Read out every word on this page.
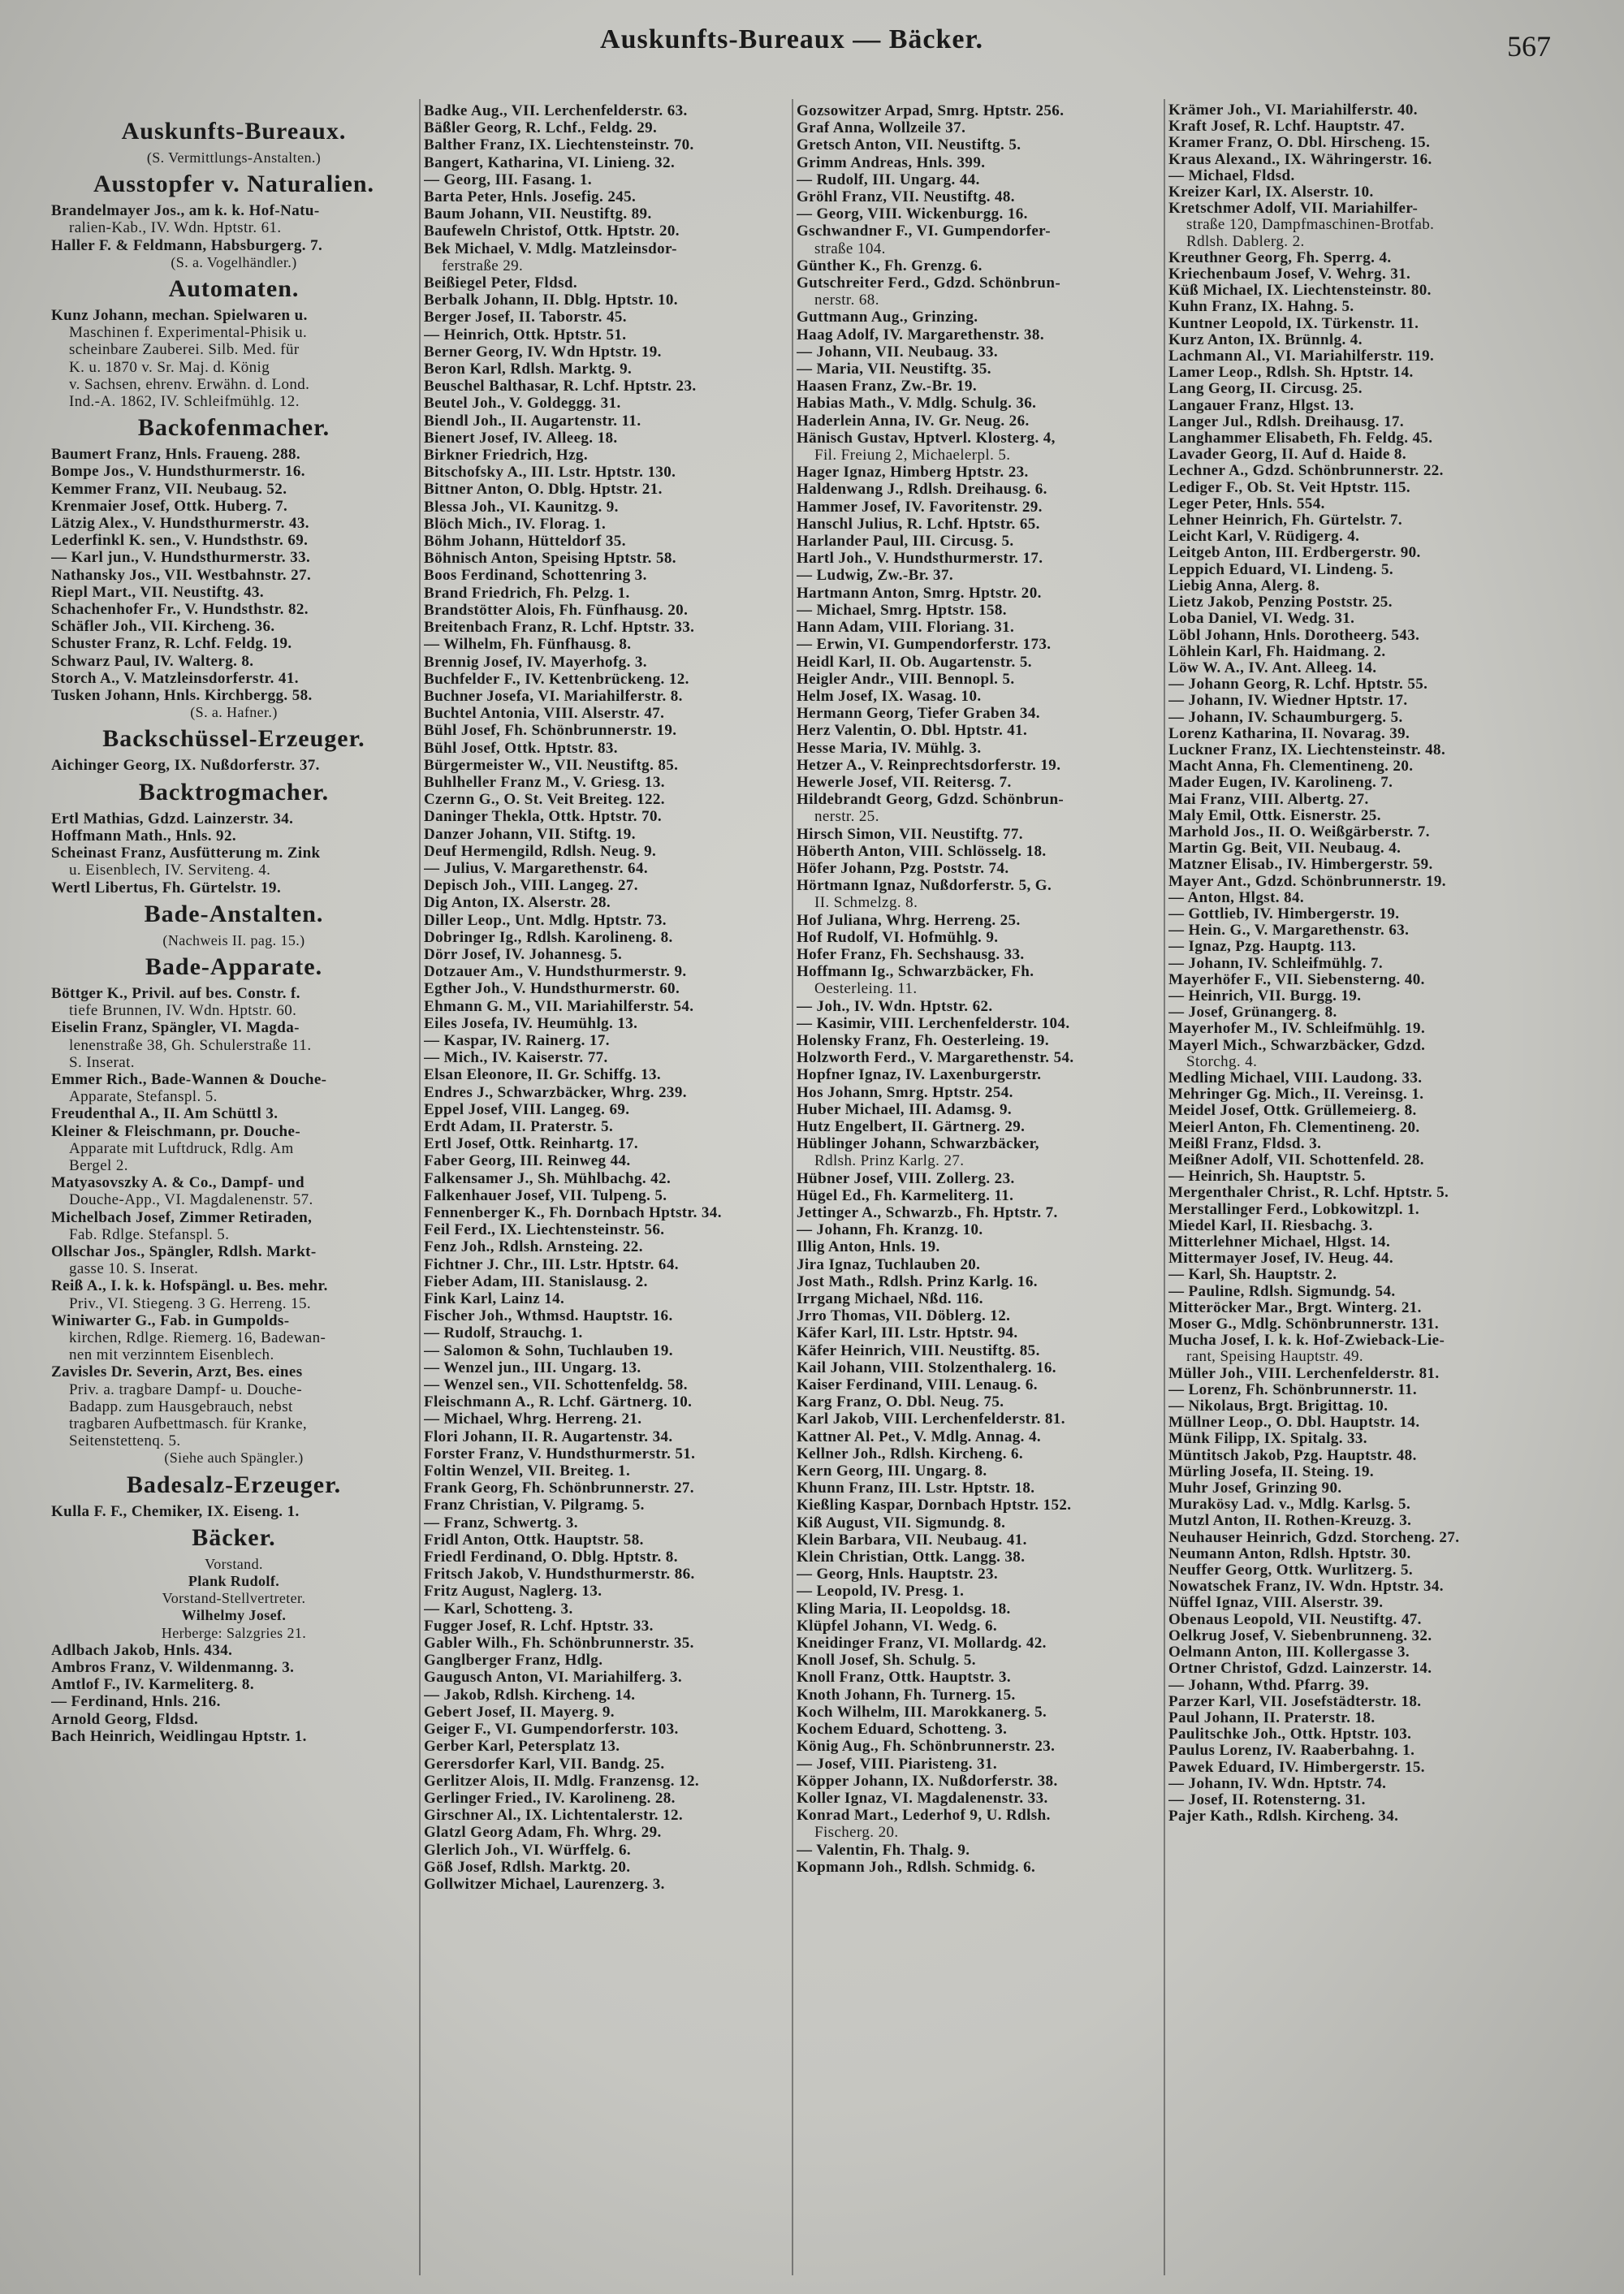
Auskunfts-Bureaux — Bäcker.	567
Auskunfts-Bureaux.
(S. Vermittlungs-Anstalten.)
Ausstopfer v. Naturalien.
Brandelmayer Jos., am k. k. Hof-Natu-
ralien-Kab., IV. Wdn. Hptstr. 61.
Haller F. & Feldmann, Habsburgerg. 7.
(S. a. Vogelhändler.)
Automaten.
Kunz Johann, mechan. Spielwaren u.
Maschinen f. Experimental-Phisik u.
scheinbare Zauberei. Silb. Med. für
K. u. 1870 v. Sr. Maj. d. König
v. Sachsen, ehrenv. Erwähn. d. Lond.
Ind.-A. 1862, IV. Schleifmühlg. 12.
Backofenmacher.
Baumert Franz, Hnls. Fraueng. 288.
Bompe Jos., V. Hundsthurmerstr. 16.
Kemmer Franz, VII. Neubaug. 52.
Krenmaier Josef, Ottk. Huberg. 7.
Lätzig Alex., V. Hundsthurmerstr. 43.
Lederfinkl K. sen., V. Hundsthstr. 69.
— Karl jun., V. Hundsthurmerstr. 33.
Nathansky Jos., VII. Westbahnstr. 27.
Riepl Mart., VII. Neustiftg. 43.
Schachenhofer Fr., V. Hundsthstr. 82.
Schäfler Joh., VII. Kircheng. 36.
Schuster Franz, R. Lchf. Feldg. 19.
Schwarz Paul, IV. Walterg. 8.
Storch A., V. Matzleinsdorferstr. 41.
Tusken Johann, Hnls. Kirchbergg. 58.
(S. a. Hafner.)
Backschüssel-Erzeuger.
Aichinger Georg, IX. Nußdorferstr. 37.
Backtrogmacher.
Ertl Mathias, Gdzd. Lainzerstr. 34.
Hoffmann Math., Hnls. 92.
Scheinast Franz, Ausfütterung m. Zink
u. Eisenblech, IV. Serviteng. 4.
Wertl Libertus, Fh. Gürtelstr. 19.
Bade-Anstalten.
(Nachweis II. pag. 15.)
Bade-Apparate.
Böttger K., Privil. auf bes. Constr. f.
tiefe Brunnen, IV. Wdn. Hptstr. 60.
Eiselin Franz, Spängler, VI. Magda-
lenenstraße 38, Gh. Schulerstraße 11.
S. Inserat.
Emmer Rich., Bade-Wannen & Douche-
Apparate, Stefanspl. 5.
Freudenthal A., II. Am Schüttl 3.
Kleiner & Fleischmann, pr. Douche-
Apparate mit Luftdruck, Rdlg. Am
Bergel 2.
Matyasovszky A. & Co., Dampf- und
Douche-App., VI. Magdalenenstr. 57.
Michelbach Josef, Zimmer Retiraden,
Fab. Rdlge. Stefanspl. 5.
Ollschar Jos., Spängler, Rdlsh. Markt-
gasse 10. S. Inserat.
Reiß A., I. k. k. Hofspängl. u. Bes. mehr.
Priv., VI. Stiegeng. 3 G. Herreng. 15.
Winiwarter G., Fab. in Gumpolds-
kirchen, Rdlge. Riemerg. 16, Badewan-
nen mit verzinntem Eisenblech.
Zavisles Dr. Severin, Arzt, Bes. eines
Priv. a. tragbare Dampf- u. Douche-
Badapp. zum Hausgebrauch, nebst
tragbaren Aufbettmasch. für Kranke,
Seitenstettenq. 5.
(Siehe auch Spängler.)
Badesalz-Erzeuger.
Kulla F. F., Chemiker, IX. Eiseng. 1.
Bäcker.
Vorstand.
Plank Rudolf.
Vorstand-Stellvertreter.
Wilhelmy Josef.
Herberge: Salzgries 21.
Adlbach Jakob, Hnls. 434.
Ambros Franz, V. Wildenmanng. 3.
Amtlof F., IV. Karmeliterg. 8.
— Ferdinand, Hnls. 216.
Arnold Georg, Fldsd.
Bach Heinrich, Weidlingau Hptstr. 1.
Badke Aug., VII. Lerchenfelderstr. 63.
Bäßler Georg, R. Lchf., Feldg. 29.
Balther Franz, IX. Liechtensteinstr. 70.
Bangert, Katharina, VI. Linieng. 32.
— Georg, III. Fasang. 1.
Barta Peter, Hnls. Josefig. 245.
Baum Johann, VII. Neustiftg. 89.
Baufeweln Christof, Ottk. Hptstr. 20.
Bek Michael, V. Mdlg. Matzleinsdor-
ferstraße 29.
Beißiegel Peter, Fldsd.
Berbalk Johann, II. Dblg. Hptstr. 10.
Berger Josef, II. Taborstr. 45.
— Heinrich, Ottk. Hptstr. 51.
Berner Georg, IV. Wdn Hptstr. 19.
Beron Karl, Rdlsh. Marktg. 9.
Beuschel Balthasar, R. Lchf. Hptstr. 23.
Beutel Joh., V. Goldeggg. 31.
Biendl Joh., II. Augartenstr. 11.
Bienert Josef, IV. Alleeg. 18.
Birkner Friedrich, Hzg.
Bitschofsky A., III. Lstr. Hptstr. 130.
Bittner Anton, O. Dblg. Hptstr. 21.
Blessa Joh., VI. Kaunitzg. 9.
Blöch Mich., IV. Florag. 1.
Böhm Johann, Hütteldorf 35.
Böhnisch Anton, Speising Hptstr. 58.
Boos Ferdinand, Schottenring 3.
Brand Friedrich, Fh. Pelzg. 1.
Brandstötter Alois, Fh. Fünfhausg. 20.
Breitenbach Franz, R. Lchf. Hptstr. 33.
— Wilhelm, Fh. Fünfhausg. 8.
Brennig Josef, IV. Mayerhofg. 3.
Buchfelder F., IV. Kettenbrückeng. 12.
Buchner Josefa, VI. Mariahilferstr. 8.
Buchtel Antonia, VIII. Alserstr. 47.
Bühl Josef, Fh. Schönbrunnerstr. 19.
Bühl Josef, Ottk. Hptstr. 83.
Bürgermeister W., VII. Neustiftg. 85.
Buhlheller Franz M., V. Griesg. 13.
Czernn G., O. St. Veit Breiteg. 122.
Daninger Thekla, Ottk. Hptstr. 70.
Danzer Johann, VII. Stiftg. 19.
Deuf Hermengild, Rdlsh. Neug. 9.
— Julius, V. Margarethenstr. 64.
Depisch Joh., VIII. Langeg. 27.
Dig Anton, IX. Alserstr. 28.
Diller Leop., Unt. Mdlg. Hptstr. 73.
Dobringer Ig., Rdlsh. Karolineng. 8.
Dörr Josef, IV. Johannesg. 5.
Dotzauer Am., V. Hundsthurmerstr. 9.
Egther Joh., V. Hundsthurmerstr. 60.
Ehmann G. M., VII. Mariahilferstr. 54.
Eiles Josefa, IV. Heumühlg. 13.
— Kaspar, IV. Rainerg. 17.
— Mich., IV. Kaiserstr. 77.
Elsan Eleonore, II. Gr. Schiffg. 13.
Endres J., Schwarzbäcker, Whrg. 239.
Eppel Josef, VIII. Langeg. 69.
Erdt Adam, II. Praterstr. 5.
Ertl Josef, Ottk. Reinhartg. 17.
Faber Georg, III. Reinweg 44.
Falkensamer J., Sh. Mühlbachg. 42.
Falkenhauer Josef, VII. Tulpeng. 5.
Fennenberger K., Fh. Dornbach Hptstr. 34.
Feil Ferd., IX. Liechtensteinstr. 56.
Fenz Joh., Rdlsh. Arnsteing. 22.
Fichtner J. Chr., III. Lstr. Hptstr. 64.
Fieber Adam, III. Stanislausg. 2.
Fink Karl, Lainz 14.
Fischer Joh., Wthmsd. Hauptstr. 16.
— Rudolf, Strauchg. 1.
— Salomon & Sohn, Tuchlauben 19.
— Wenzel jun., III. Ungarg. 13.
— Wenzel sen., VII. Schottenfeldg. 58.
Fleischmann A., R. Lchf. Gärtnerg. 10.
— Michael, Whrg. Herreng. 21.
Flori Johann, II. R. Augartenstr. 34.
Forster Franz, V. Hundsthurmerstr. 51.
Foltin Wenzel, VII. Breiteg. 1.
Frank Georg, Fh. Schönbrunnerstr. 27.
Franz Christian, V. Pilgramg. 5.
— Franz, Schwertg. 3.
Fridl Anton, Ottk. Hauptstr. 58.
Friedl Ferdinand, O. Dblg. Hptstr. 8.
Fritsch Jakob, V. Hundsthurmerstr. 86.
Fritz August, Naglerg. 13.
— Karl, Schotteng. 3.
Fugger Josef, R. Lchf. Hptstr. 33.
Gabler Wilh., Fh. Schönbrunnerstr. 35.
Ganglberger Franz, Hdlg.
Gaugusch Anton, VI. Mariahilferg. 3.
— Jakob, Rdlsh. Kircheng. 14.
Gebert Josef, II. Mayerg. 9.
Geiger F., VI. Gumpendorferstr. 103.
Gerber Karl, Petersplatz 13.
Gerersdorfer Karl, VII. Bandg. 25.
Gerlitzer Alois, II. Mdlg. Franzensg. 12.
Gerlinger Fried., IV. Karolineng. 28.
Girschner Al., IX. Lichtentalerstr. 12.
Glatzl Georg Adam, Fh. Whrg. 29.
Glerlich Joh., VI. Würffelg. 6.
Göß Josef, Rdlsh. Marktg. 20.
Gollwitzer Michael, Laurenzerg. 3.
Gozsowitzer Arpad, Smrg. Hptstr. 256.
Graf Anna, Wollzeile 37.
Gretsch Anton, VII. Neustiftg. 5.
Grimm Andreas, Hnls. 399.
— Rudolf, III. Ungarg. 44.
Gröhl Franz, VII. Neustiftg. 48.
— Georg, VIII. Wickenburgg. 16.
Gschwandner F., VI. Gumpendorfer-
straße 104.
Günther K., Fh. Grenzg. 6.
Gutschreiter Ferd., Gdzd. Schönbrun-
nerstr. 68.
Guttmann Aug., Grinzing.
Haag Adolf, IV. Margarethenstr. 38.
— Johann, VII. Neubaug. 33.
— Maria, VII. Neustiftg. 35.
Haasen Franz, Zw.-Br. 19.
Habias Math., V. Mdlg. Schulg. 36.
Haderlein Anna, IV. Gr. Neug. 26.
Hänisch Gustav, Hptverl. Klosterg. 4,
Fil. Freiung 2, Michaelerpl. 5.
Hager Ignaz, Himberg Hptstr. 23.
Haldenwang J., Rdlsh. Dreihausg. 6.
Hammer Josef, IV. Favoritenstr. 29.
Hanschl Julius, R. Lchf. Hptstr. 65.
Harlander Paul, III. Circusg. 5.
Hartl Joh., V. Hundsthurmerstr. 17.
— Ludwig, Zw.-Br. 37.
Hartmann Anton, Smrg. Hptstr. 20.
— Michael, Smrg. Hptstr. 158.
Hann Adam, VIII. Floriang. 31.
— Erwin, VI. Gumpendorferstr. 173.
Heidl Karl, II. Ob. Augartenstr. 5.
Heigler Andr., VIII. Bennopl. 5.
Helm Josef, IX. Wasag. 10.
Hermann Georg, Tiefer Graben 34.
Herz Valentin, O. Dbl. Hptstr. 41.
Hesse Maria, IV. Mühlg. 3.
Hetzer A., V. Reinprechtsdorferstr. 19.
Hewerle Josef, VII. Reitersg. 7.
Hildebrandt Georg, Gdzd. Schönbrun-
nerstr. 25.
Hirsch Simon, VII. Neustiftg. 77.
Höberth Anton, VIII. Schlösselg. 18.
Höfer Johann, Pzg. Poststr. 74.
Hörtmann Ignaz, Nußdorferstr. 5, G.
II. Schmelzg. 8.
Hof Juliana, Whrg. Herreng. 25.
Hof Rudolf, VI. Hofmühlg. 9.
Hofer Franz, Fh. Sechshausg. 33.
Hoffmann Ig., Schwarzbäcker, Fh.
Oesterleing. 11.
— Joh., IV. Wdn. Hptstr. 62.
— Kasimir, VIII. Lerchenfelderstr. 104.
Holensky Franz, Fh. Oesterleing. 19.
Holzworth Ferd., V. Margarethenstr. 54.
Hopfner Ignaz, IV. Laxenburgerstr.
Hos Johann, Smrg. Hptstr. 254.
Huber Michael, III. Adamsg. 9.
Hutz Engelbert, II. Gärtnerg. 29.
Hüblinger Johann, Schwarzbäcker,
Rdlsh. Prinz Karlg. 27.
Hübner Josef, VIII. Zollerg. 23.
Hügel Ed., Fh. Karmeliterg. 11.
Jettinger A., Schwarzb., Fh. Hptstr. 7.
— Johann, Fh. Kranzg. 10.
Illig Anton, Hnls. 19.
Jira Ignaz, Tuchlauben 20.
Jost Math., Rdlsh. Prinz Karlg. 16.
Irrgang Michael, Nßd. 116.
Jrro Thomas, VII. Döblerg. 12.
Käfer Karl, III. Lstr. Hptstr. 94.
Käfer Heinrich, VIII. Neustiftg. 85.
Kail Johann, VIII. Stolzenthalerg. 16.
Kaiser Ferdinand, VIII. Lenaug. 6.
Karg Franz, O. Dbl. Neug. 75.
Karl Jakob, VIII. Lerchenfelderstr. 81.
Kattner Al. Pet., V. Mdlg. Annag. 4.
Kellner Joh., Rdlsh. Kircheng. 6.
Kern Georg, III. Ungarg. 8.
Khunn Franz, III. Lstr. Hptstr. 18.
Kießling Kaspar, Dornbach Hptstr. 152.
Kiß August, VII. Sigmundg. 8.
Klein Barbara, VII. Neubaug. 41.
Klein Christian, Ottk. Langg. 38.
— Georg, Hnls. Hauptstr. 23.
— Leopold, IV. Presg. 1.
Kling Maria, II. Leopoldsg. 18.
Klüpfel Johann, VI. Wedg. 6.
Kneidinger Franz, VI. Mollardg. 42.
Knoll Josef, Sh. Schulg. 5.
Knoll Franz, Ottk. Hauptstr. 3.
Knoth Johann, Fh. Turnerg. 15.
Koch Wilhelm, III. Marokkanerg. 5.
Kochem Eduard, Schotteng. 3.
König Aug., Fh. Schönbrunnerstr. 23.
— Josef, VIII. Piaristeng. 31.
Köpper Johann, IX. Nußdorferstr. 38.
Koller Ignaz, VI. Magdalenenstr. 33.
Konrad Mart., Lederhof 9, U. Rdlsh.
Fischerg. 20.
— Valentin, Fh. Thalg. 9.
Kopmann Joh., Rdlsh. Schmidg. 6.
Krämer Joh., VI. Mariahilferstr. 40.
Kraft Josef, R. Lchf. Hauptstr. 47.
Kramer Franz, O. Dbl. Hirscheng. 15.
Kraus Alexand., IX. Währingerstr. 16.
— Michael, Fldsd.
Kreizer Karl, IX. Alserstr. 10.
Kretschmer Adolf, VII. Mariahilfer-
straße 120, Dampfmaschinen-Brotfab.
Rdlsh. Dablerg. 2.
Kreuthner Georg, Fh. Sperrg. 4.
Kriechenbaum Josef, V. Wehrg. 31.
Küß Michael, IX. Liechtensteinstr. 80.
Kuhn Franz, IX. Hahng. 5.
Kuntner Leopold, IX. Türkenstr. 11.
Kurz Anton, IX. Brünnlg. 4.
Lachmann Al., VI. Mariahilferstr. 119.
Lamer Leop., Rdlsh. Sh. Hptstr. 14.
Lang Georg, II. Circusg. 25.
Langauer Franz, Hlgst. 13.
Langer Jul., Rdlsh. Dreihausg. 17.
Langhammer Elisabeth, Fh. Feldg. 45.
Lavader Georg, II. Auf d. Haide 8.
Lechner A., Gdzd. Schönbrunnerstr. 22.
Lediger F., Ob. St. Veit Hptstr. 115.
Leger Peter, Hnls. 554.
Lehner Heinrich, Fh. Gürtelstr. 7.
Leicht Karl, V. Rüdigerg. 4.
Leitgeb Anton, III. Erdbergerstr. 90.
Leppich Eduard, VI. Lindeng. 5.
Liebig Anna, Alerg. 8.
Lietz Jakob, Penzing Poststr. 25.
Loba Daniel, VI. Wedg. 31.
Löbl Johann, Hnls. Dorotheerg. 543.
Löhlein Karl, Fh. Haidmang. 2.
Löw W. A., IV. Ant. Alleeg. 14.
— Johann Georg, R. Lchf. Hptstr. 55.
— Johann, IV. Wiedner Hptstr. 17.
— Johann, IV. Schaumburgerg. 5.
Lorenz Katharina, II. Novarag. 39.
Luckner Franz, IX. Liechtensteinstr. 48.
Macht Anna, Fh. Clementineng. 20.
Mader Eugen, IV. Karolineng. 7.
Mai Franz, VIII. Albertg. 27.
Maly Emil, Ottk. Eisnerstr. 25.
Marhold Jos., II. O. Weißgärberstr. 7.
Martin Gg. Beit, VII. Neubaug. 4.
Matzner Elisab., IV. Himbergerstr. 59.
Mayer Ant., Gdzd. Schönbrunnerstr. 19.
— Anton, Hlgst. 84.
— Gottlieb, IV. Himbergerstr. 19.
— Hein. G., V. Margarethenstr. 63.
— Ignaz, Pzg. Hauptg. 113.
— Johann, IV. Schleifmühlg. 7.
Mayerhöfer F., VII. Siebensterng. 40.
— Heinrich, VII. Burgg. 19.
— Josef, Grünangerg. 8.
Mayerhofer M., IV. Schleifmühlg. 19.
Mayerl Mich., Schwarzbäcker, Gdzd.
Storchg. 4.
Medling Michael, VIII. Laudong. 33.
Mehringer Gg. Mich., II. Vereinsg. 1.
Meidel Josef, Ottk. Grüllemeierg. 8.
Meierl Anton, Fh. Clementineng. 20.
Meißl Franz, Fldsd. 3.
Meißner Adolf, VII. Schottenfeld. 28.
— Heinrich, Sh. Hauptstr. 5.
Mergenthaler Christ., R. Lchf. Hptstr. 5.
Merstallinger Ferd., Lobkowitzpl. 1.
Miedel Karl, II. Riesbachg. 3.
Mitterlehner Michael, Hlgst. 14.
Mittermayer Josef, IV. Heug. 44.
— Karl, Sh. Hauptstr. 2.
— Pauline, Rdlsh. Sigmundg. 54.
Mitteröcker Mar., Brgt. Winterg. 21.
Moser G., Mdlg. Schönbrunnerstr. 131.
Mucha Josef, I. k. k. Hof-Zwieback-Lie-
rant, Speising Hauptstr. 49.
Müller Joh., VIII. Lerchenfelderstr. 81.
— Lorenz, Fh. Schönbrunnerstr. 11.
— Nikolaus, Brgt. Brigittag. 10.
Müllner Leop., O. Dbl. Hauptstr. 14.
Münk Filipp, IX. Spitalg. 33.
Müntitsch Jakob, Pzg. Hauptstr. 48.
Mürling Josefa, II. Steing. 19.
Muhr Josef, Grinzing 90.
Murakösy Lad. v., Mdlg. Karlsg. 5.
Mutzl Anton, II. Rothen-Kreuzg. 3.
Neuhauser Heinrich, Gdzd. Storcheng. 27.
Neumann Anton, Rdlsh. Hptstr. 30.
Neuffer Georg, Ottk. Wurlitzerg. 5.
Nowatschek Franz, IV. Wdn. Hptstr. 34.
Nüffel Ignaz, VIII. Alserstr. 39.
Obenaus Leopold, VII. Neustiftg. 47.
Oelkrug Josef, V. Siebenbrunneng. 32.
Oelmann Anton, III. Kollergasse 3.
Ortner Christof, Gdzd. Lainzerstr. 14.
— Johann, Wthd. Pfarrg. 39.
Parzer Karl, VII. Josefstädterstr. 18.
Paul Johann, II. Praterstr. 18.
Paulitschke Joh., Ottk. Hptstr. 103.
Paulus Lorenz, IV. Raaberbahng. 1.
Pawek Eduard, IV. Himbergerstr. 15.
— Johann, IV. Wdn. Hptstr. 74.
— Josef, II. Rotensterng. 31.
Pajer Kath., Rdlsh. Kircheng. 34.
